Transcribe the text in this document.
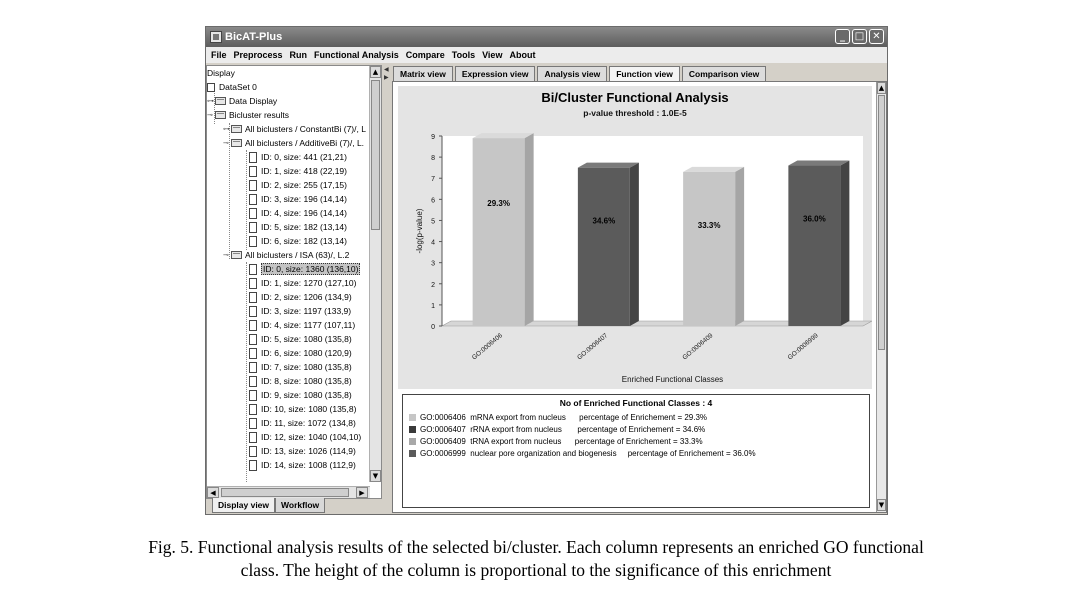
BicAT-Plus	_ □ ✕
File Preprocess Run Functional Analysis Compare Tools View About
Display
DataSet 0
⊶ Data Display
⊸ Bicluster results
⊶ All biclusters / ConstantBi (7)/, L
⊸ All biclusters / AdditiveBi (7)/, L.
ID: 0, size: 441 (21,21)
ID: 1, size: 418 (22,19)
ID: 2, size: 255 (17,15)
ID: 3, size: 196 (14,14)
ID: 4, size: 196 (14,14)
ID: 5, size: 182 (13,14)
ID: 6, size: 182 (13,14)
⊸ All biclusters / ISA (63)/, L.2
ID: 0, size: 1360 (136,10)
ID: 1, size: 1270 (127,10)
ID: 2, size: 1206 (134,9)
ID: 3, size: 1197 (133,9)
ID: 4, size: 1177 (107,11)
ID: 5, size: 1080 (135,8)
ID: 6, size: 1080 (120,9)
ID: 7, size: 1080 (135,8)
ID: 8, size: 1080 (135,8)
ID: 9, size: 1080 (135,8)
ID: 10, size: 1080 (135,8)
ID: 11, size: 1072 (134,8)
ID: 12, size: 1040 (104,10)
ID: 13, size: 1026 (114,9)
ID: 14, size: 1008 (112,9)
▲
▼
◀	▶
Display view	Workflow
◀
▶	Matrix view	Expression view	Analysis view	Function view	Comparison view
Bi/Cluster Functional Analysis
p-value threshold : 1.0E-5
0
1
2
3
4
5
6
7
8
9
-log(p-value)
29.3%
GO:0006406
34.6%
GO:0006407
33.3%
GO:0006409
36.0%
GO:0006999
Enriched Functional Classes
No of Enriched Functional Classes : 4
GO:0006406  mRNA export from nucleus      percentage of Enrichement = 29.3%
GO:0006407  rRNA export from nucleus       percentage of Enrichement = 34.6%
GO:0006409  tRNA export from nucleus      percentage of Enrichement = 33.3%
GO:0006999  nuclear pore organization and biogenesis     percentage of Enrichement = 36.0%
▲
▼
Fig. 5. Functional analysis results of the selected bi/cluster. Each column represents an enriched GO functional
class. The height of the column is proportional to the significance of this enrichment
